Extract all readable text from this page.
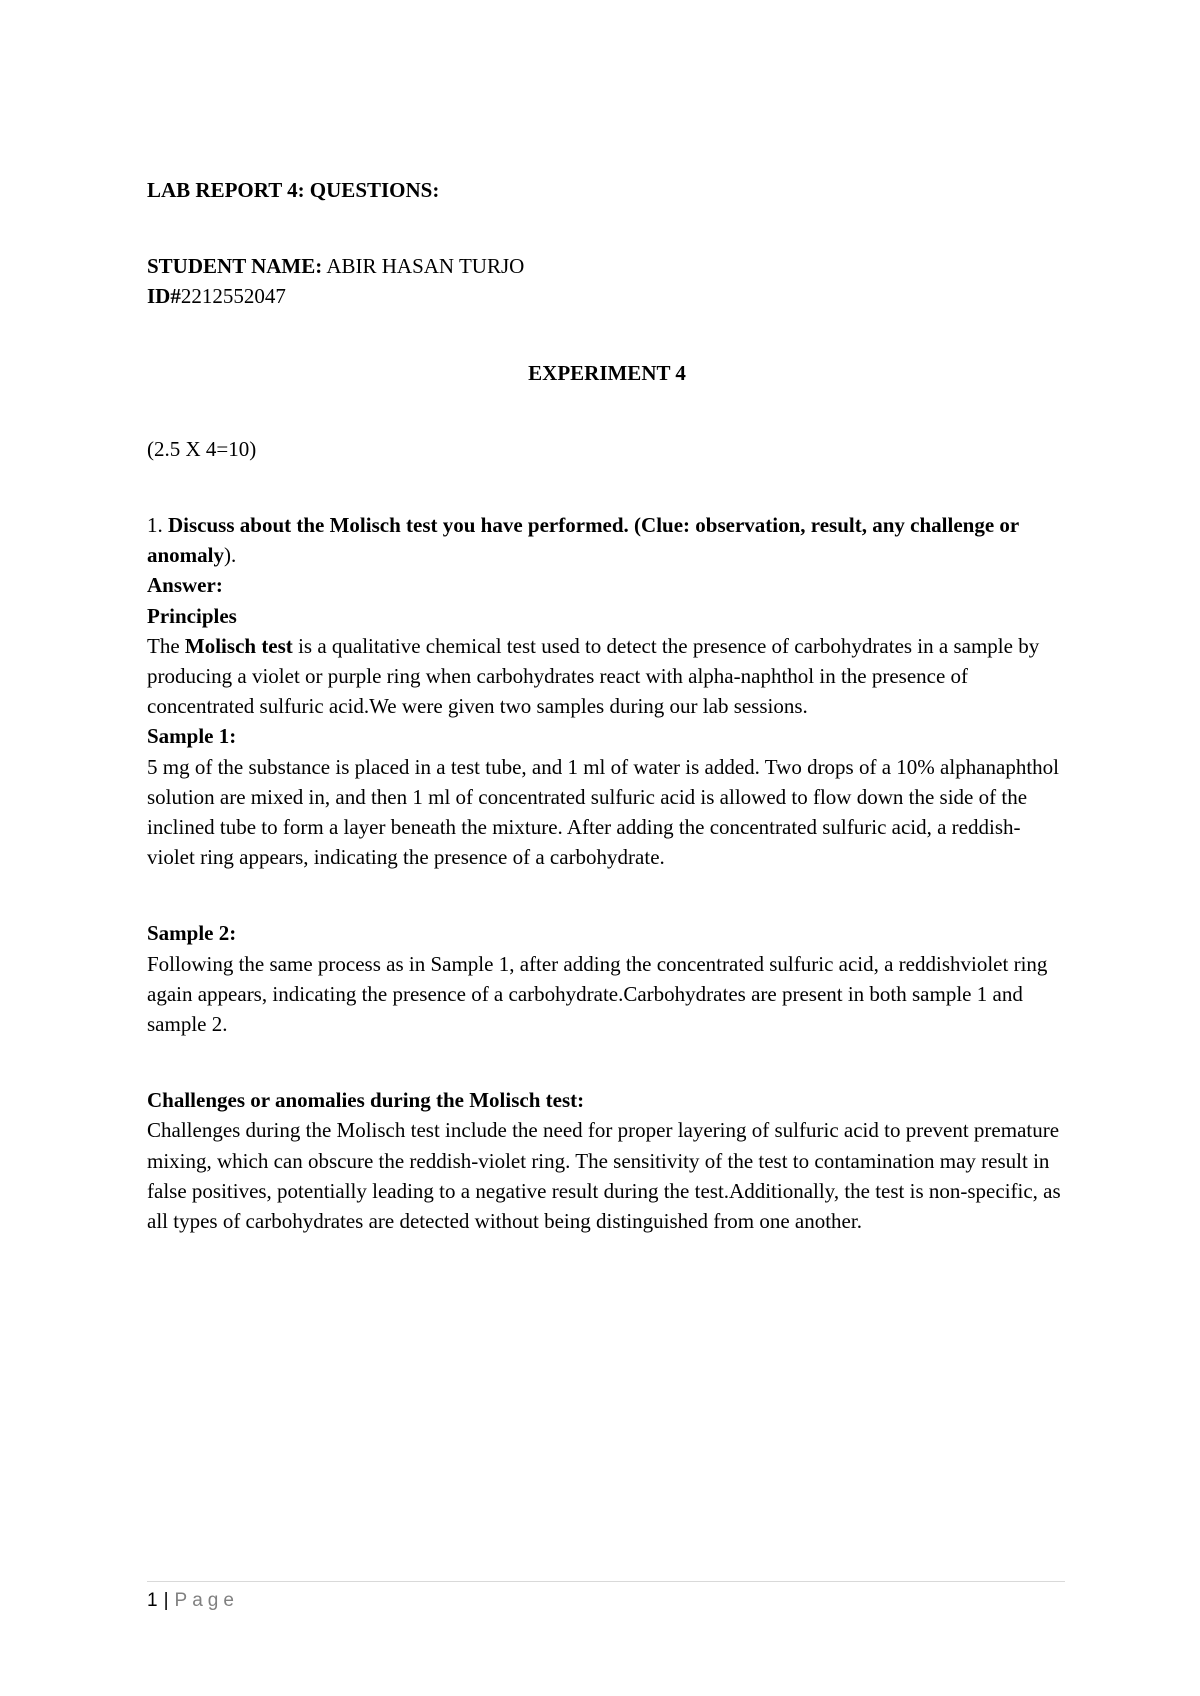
LAB REPORT 4: QUESTIONS:

STUDENT NAME: ABIR HASAN TURJO

ID#2212552047

EXPERIMENT 4

(2.5 X 4=10)

1. Discuss about the Molisch test you have performed. (Clue: observation, result, any challenge or anomaly).

Answer:

Principles

The Molisch test is a qualitative chemical test used to detect the presence of carbohydrates in a sample by producing a violet or purple ring when carbohydrates react with alpha-naphthol in the presence of concentrated sulfuric acid.We were given two samples during our lab sessions.

Sample 1:

5 mg of the substance is placed in a test tube, and 1 ml of water is added. Two drops of a 10% alphanaphthol solution are mixed in, and then 1 ml of concentrated sulfuric acid is allowed to flow down the side of the inclined tube to form a layer beneath the mixture. After adding the concentrated sulfuric acid, a reddish-violet ring appears, indicating the presence of a carbohydrate.

Sample 2:

Following the same process as in Sample 1, after adding the concentrated sulfuric acid, a reddishviolet ring again appears, indicating the presence of a carbohydrate.Carbohydrates are present in both sample 1 and sample 2.

Challenges or anomalies during the Molisch test:

Challenges during the Molisch test include the need for proper layering of sulfuric acid to prevent premature mixing, which can obscure the reddish-violet ring. The sensitivity of the test to contamination may result in false positives, potentially leading to a negative result during the test.Additionally, the test is non-specific, as all types of carbohydrates are detected without being distinguished from one another.

1 | Page
